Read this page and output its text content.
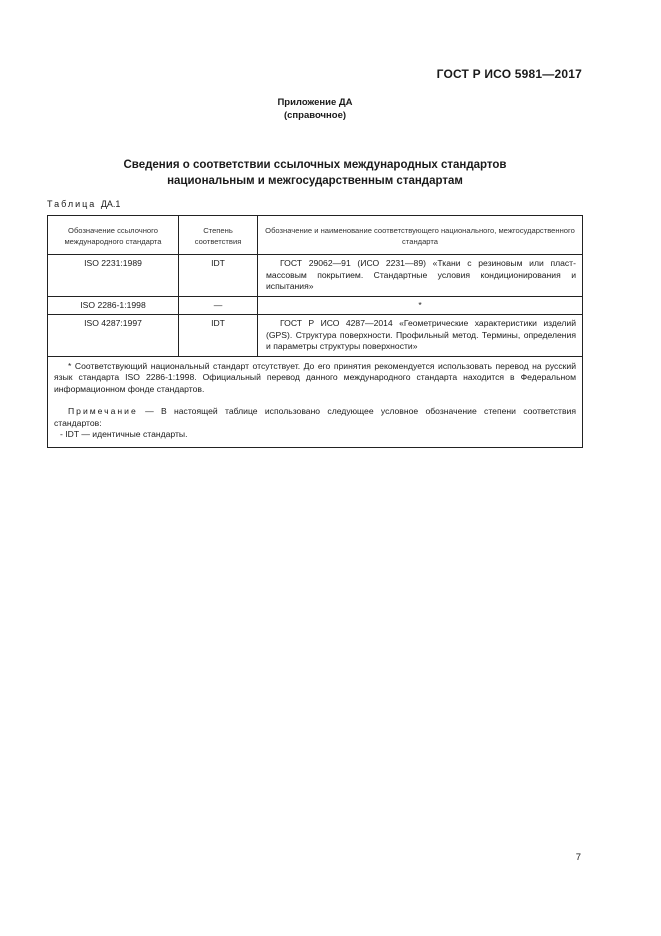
ГОСТ Р ИСО 5981—2017
Приложение ДА
(справочное)
Сведения о соответствии ссылочных международных стандартов
национальным и межгосударственным стандартам
Таблица ДА.1
Обозначение ссылочного международного стандарта	Степень соответствия	Обозначение и наименование соответствующего национального, межгосударственного стандарта
ISO 2231:1989	IDT	ГОСТ 29062—91 (ИСО 2231—89) «Ткани с резиновым или пластмассовым покрытием. Стандартные условия кондиционирования и испытания»
ISO 2286-1:1998	—	*
ISO 4287:1997	IDT	ГОСТ Р ИСО 4287—2014 «Геометрические характеристики изделий (GPS). Структура поверхности. Профильный метод. Термины, определения и параметры структуры поверхности»

* Соответствующий национальный стандарт отсутствует. До его принятия рекомендуется использовать перевод на русский язык стандарта ISO 2286-1:1998. Официальный перевод данного международного стандарта находится в Федеральном информационном фонде стандартов.
Примечание — В настоящей таблице использовано следующее условное обозначение степени соответствия стандартов:
- IDT — идентичные стандарты.		
7
